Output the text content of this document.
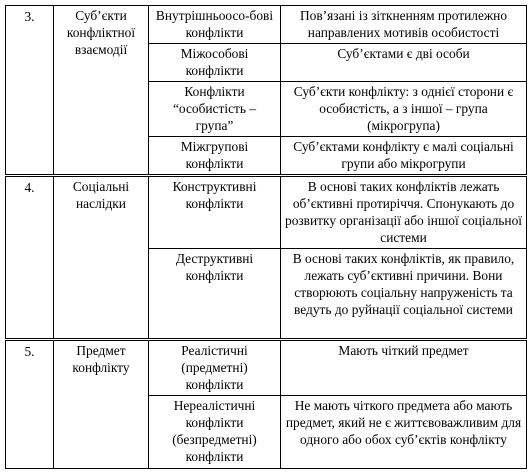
3.	Суб’єкти конфліктної взаємодії	Внутрішньоосо-бові конфлікти	Пов’язані із зіткненням протилежно направлених мотивів особистості
		Міжособові конфлікти	Суб’єктами є дві особи
		Конфлікти “особистість – група”	Суб’єкти конфлікту: з однієї сторони є особистість, а з іншої – група (мікрогрупа)
		Міжгрупові конфлікти	Суб’єктами конфлікту є малі соціальні групи або мікрогрупи
4.	Соціальні наслідки	Конструктивні конфлікти	В основі таких конфліктів лежать об’єктивні протиріччя. Спонукають до розвитку організації або іншої соціальної системи
		Деструктивні конфлікти	В основі таких конфліктів, як правило, лежать суб’єктивні причини. Вони створюють соціальну напруженість та ведуть до руйнації соціальної системи
5.	Предмет конфлікту	Реалістичні (предметні) конфлікти	Мають чіткий предмет
		Нереалістичні конфлікти (безпредметні) конфлікти	Не мають чіткого предмета або мають предмет, який не є життєвоважливим для одного або обох суб’єктів конфлікту
